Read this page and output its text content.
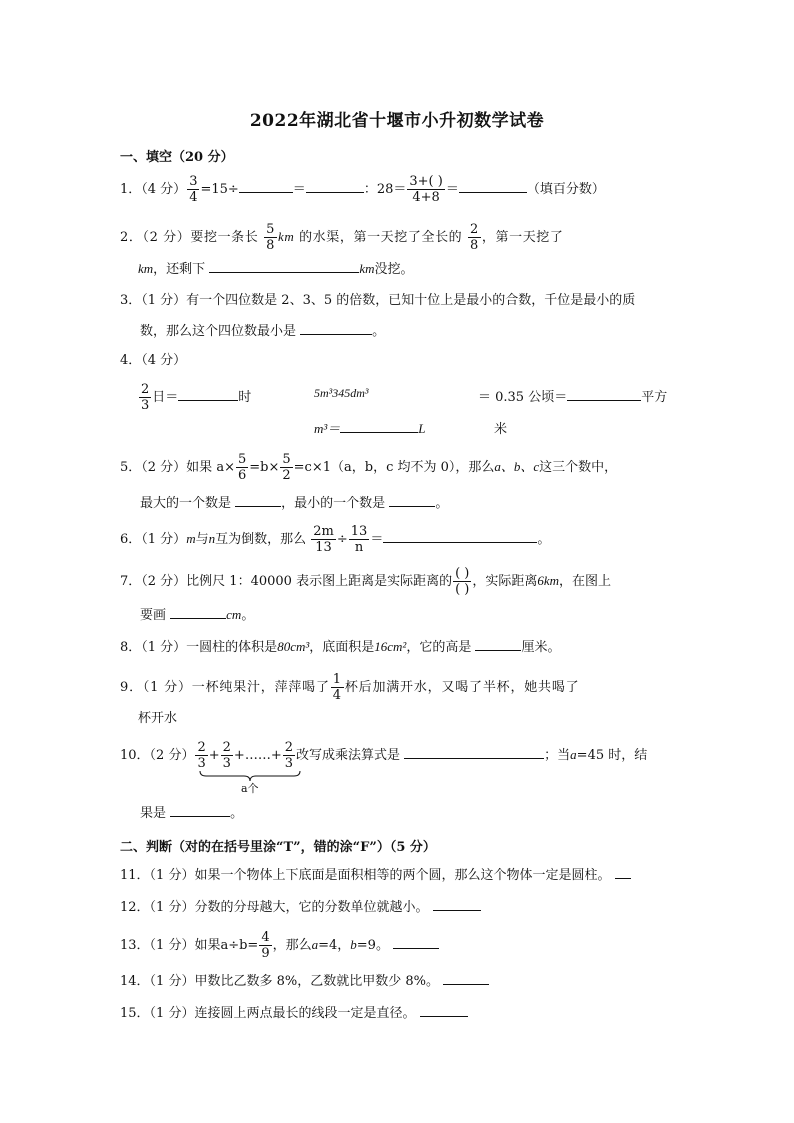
2022年湖北省十堰市小升初数学试卷
一、填空（20 分）
1．（4 分） $\frac{3}{4} =15\div$	＝	：$28= \frac{3+( )}{4+8}$ ＝	（填百分数）
2．（2 分）要挖一条长 $\frac{5}{8}$ km 的水渠，第一天挖了全长的 $\frac{2}{8}$ ，第一天挖了
km，还剩下	km没挖。
3．（1 分）有一个四位数是 2、3、5 的倍数，已知十位上是最小的合数，千位是最小的质
数，那么这个四位数最小是	。
4．（4 分）
$\frac{2}{3}$ 日＝	时	5m³345dm³	＝ 0.35 公顷＝	平方
m³＝	L	米
5．（2 分）如果 $a\times \frac{5}{6} =b\times \frac{5}{2} =c\times 1(a$，b，c 均不为 0），那么a、b、c这三个数中，
最大的一个数是	，最小的一个数是	。
6．（1 分）m与n互为倒数，那么 $\frac{2m}{13} \div \frac{13}{n}$ ＝	。
7．（2 分）比例尺 1：40000 表示图上距离是实际距离的 $\frac{( )}{( )}$ ，实际距离6km，在图上
要画	cm。
8．（1 分）一圆柱的体积是80cm³，底面积是16cm²，它的高是	厘米。
9．（1 分）一杯纯果汁，萍萍喝了 $\frac{1}{4}$ 杯后加满开水，又喝了半杯，她共喝了
杯开水
10．（2 分） $\frac{2}{3} + \frac{2}{3}$ +……+ $\frac{2}{3}$ 改写成乘法算式是	；当a=45 时，结
a个
果是	。
二、判断（对的在括号里涂“T”，错的涂“F”）（5 分）
11．（1 分）如果一个物体上下底面是面积相等的两个圆，那么这个物体一定是圆柱。
12．（1 分）分数的分母越大，它的分数单位就越小。
13．（1 分）如果$a\div b= \frac{4}{9}$ ，那么a=4，b=9。
14．（1 分）甲数比乙数多 8%，乙数就比甲数少 8%。
15．（1 分）连接圆上两点最长的线段一定是直径。
